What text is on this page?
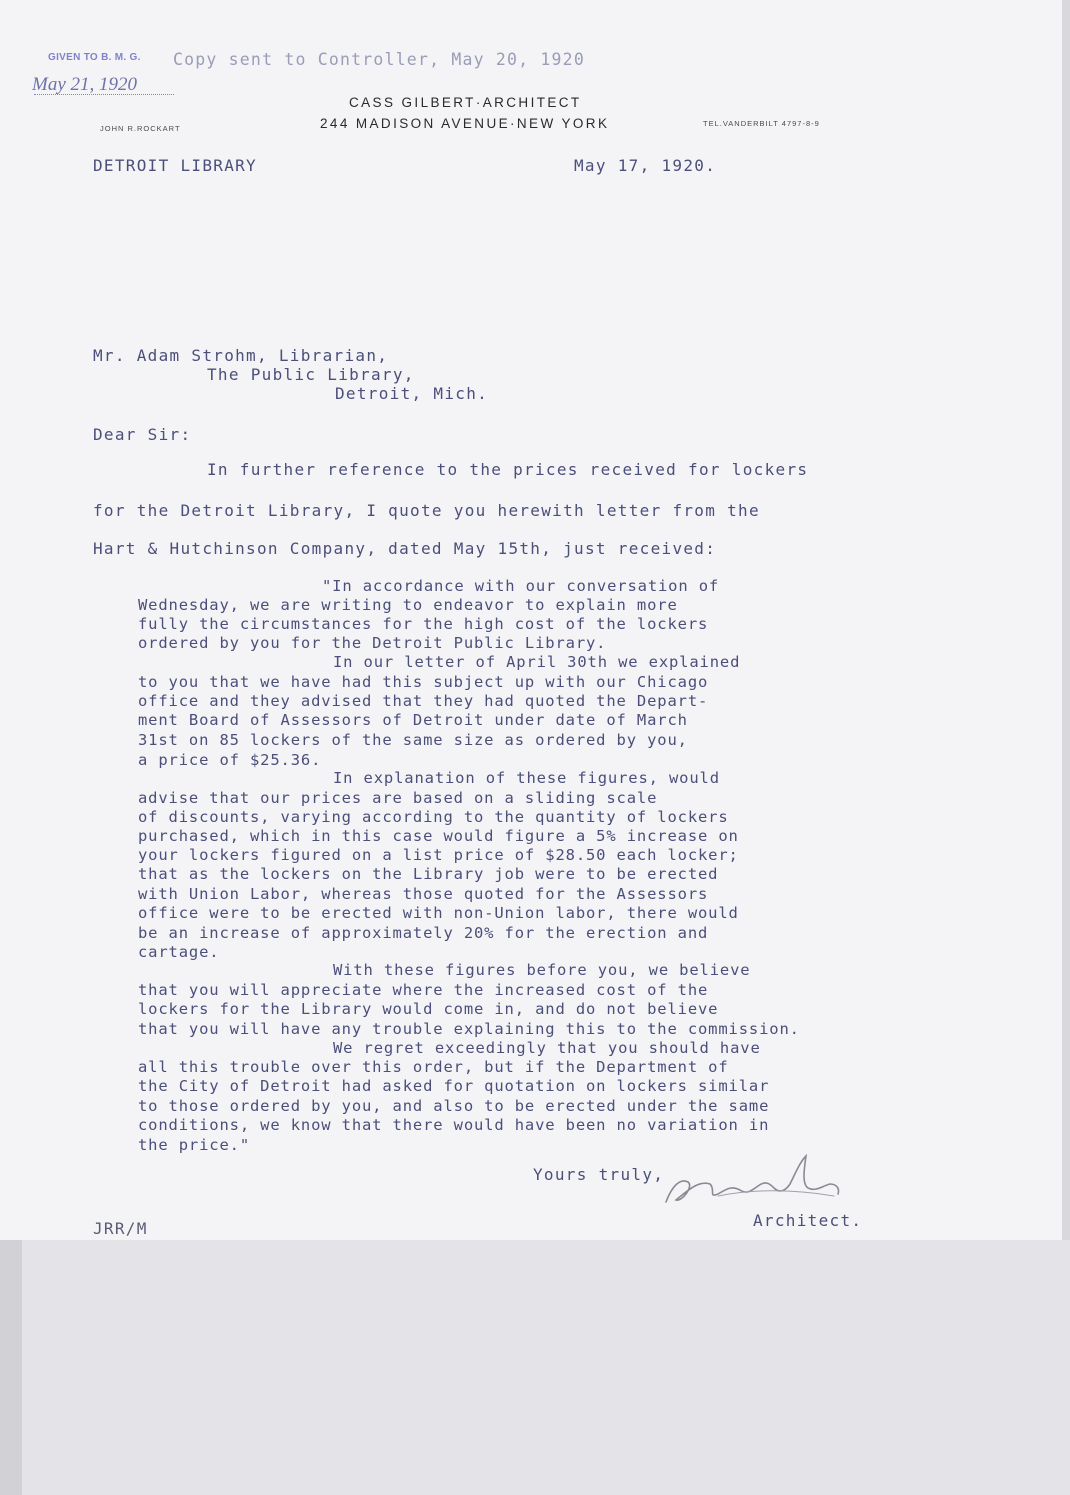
GIVEN TO B. M. G. Copy sent to Controller, May 20, 1920
May 21, 1920
CASS GILBERT·ARCHITECT
244 MADISON AVENUE·NEW YORK
JOHN R.ROCKART
TEL.VANDERBILT 4797-8-9
DETROIT LIBRARY	May 17, 1920.
Mr. Adam Strohm, Librarian,
The Public Library,
Detroit, Mich.
Dear Sir:
In further reference to the prices received for lockers
for the Detroit Library, I quote you herewith letter from the
Hart & Hutchinson Company, dated May 15th, just received:
"In accordance with our conversation of
Wednesday, we are writing to endeavor to explain more
fully the circumstances for the high cost of the lockers
ordered by you for the Detroit Public Library.
In our letter of April 30th we explained
to you that we have had this subject up with our Chicago
office and they advised that they had quoted the Depart-
ment Board of Assessors of Detroit under date of March
31st on 85 lockers of the same size as ordered by you,
a price of $25.36.
In explanation of these figures, would
advise that our prices are based on a sliding scale
of discounts, varying according to the quantity of lockers
purchased, which in this case would figure a 5% increase on
your lockers figured on a list price of $28.50 each locker;
that as the lockers on the Library job were to be erected
with Union Labor, whereas those quoted for the Assessors
office were to be erected with non-Union labor, there would
be an increase of approximately 20% for the erection and
cartage.
With these figures before you, we believe
that you will appreciate where the increased cost of the
lockers for the Library would come in, and do not believe
that you will have any trouble explaining this to the commission.
We regret exceedingly that you should have
all this trouble over this order, but if the Department of
the City of Detroit had asked for quotation on lockers similar
to those ordered by you, and also to be erected under the same
conditions, we know that there would have been no variation in
the price."
Yours truly,
Architect.
JRR/M
